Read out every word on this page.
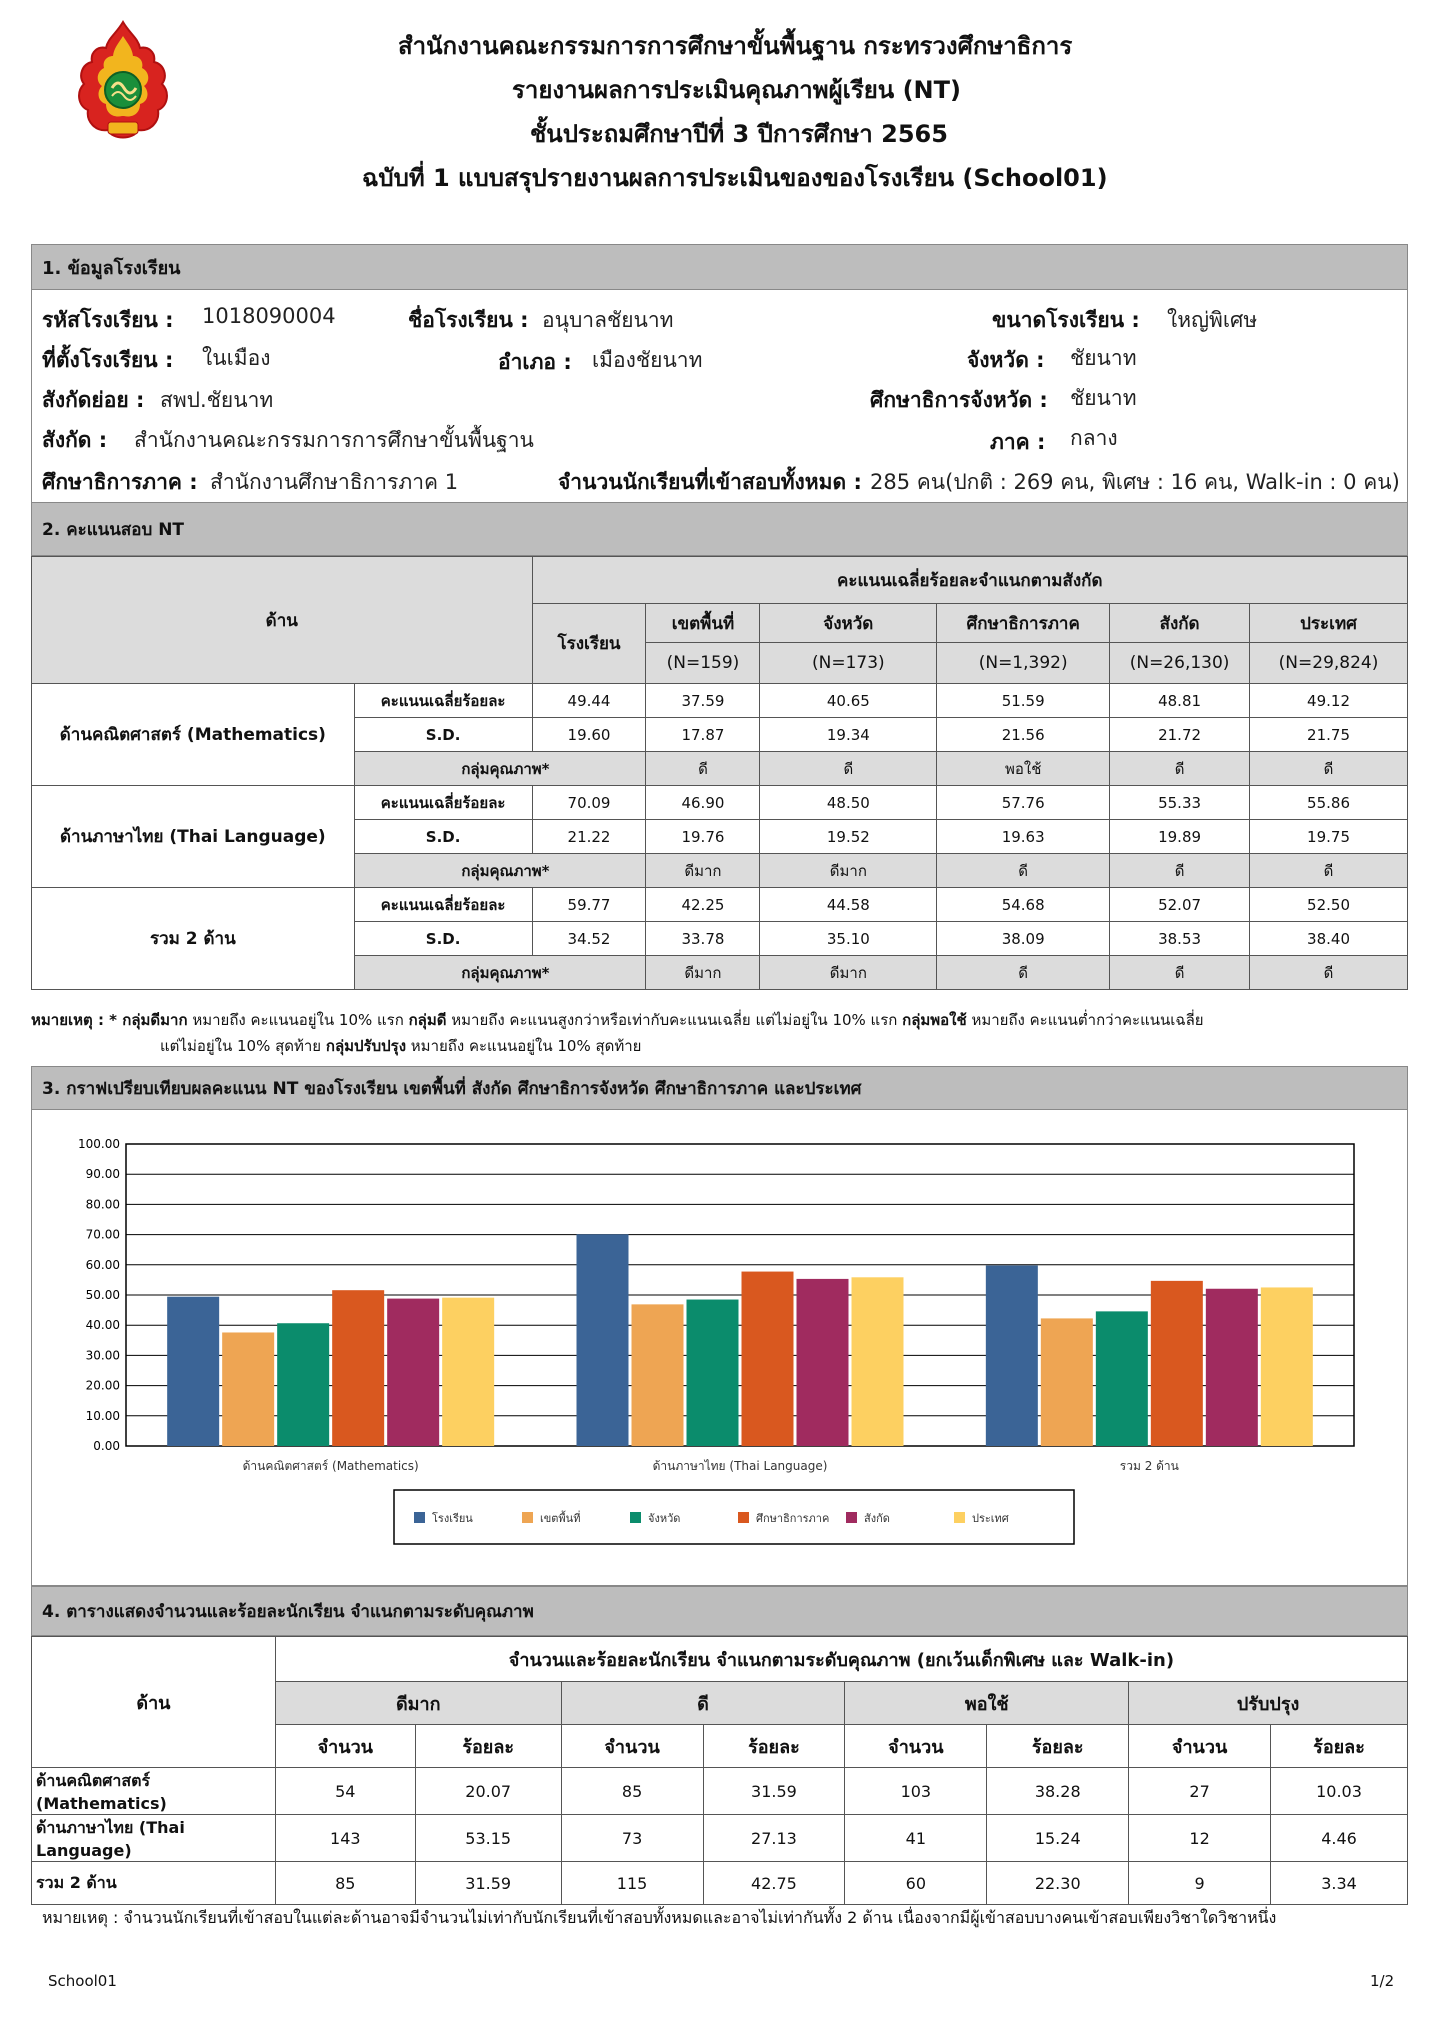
สำนักงานคณะกรรมการการศึกษาขั้นพื้นฐาน กระทรวงศึกษาธิการ
รายงานผลการประเมินคุณภาพผู้เรียน (NT)
ชั้นประถมศึกษาปีที่ 3 ปีการศึกษา 2565
ฉบับที่ 1 แบบสรุปรายงานผลการประเมินของของโรงเรียน (School01)
1. ข้อมูลโรงเรียน
รหัสโรงเรียน : 1018090004	ชื่อโรงเรียน : อนุบาลชัยนาท	ขนาดโรงเรียน : ใหญ่พิเศษ
ที่ตั้งโรงเรียน : ในเมือง	อำเภอ : เมืองชัยนาท	จังหวัด : ชัยนาท
สังกัดย่อย : สพป.ชัยนาท	ศึกษาธิการจังหวัด : ชัยนาท
สังกัด : สำนักงานคณะกรรมการการศึกษาขั้นพื้นฐาน	ภาค : กลาง
ศึกษาธิการภาค : สำนักงานศึกษาธิการภาค 1	จำนวนนักเรียนที่เข้าสอบทั้งหมด : 285 คน(ปกติ : 269 คน, พิเศษ : 16 คน, Walk-in : 0 คน)
2. คะแนนสอบ NT
ด้าน		คะแนนเฉลี่ยร้อยละจำแนกตามสังกัด					
		โรงเรียน	เขตพื้นที่	จังหวัด	ศึกษาธิการภาค	สังกัด	ประเทศ
			(N=159)	(N=173)	(N=1,392)	(N=26,130)	(N=29,824)
ด้านคณิตศาสตร์ (Mathematics)	คะแนนเฉลี่ยร้อยละ	49.44	37.59	40.65	51.59	48.81	49.12
	S.D.	19.60	17.87	19.34	21.56	21.72	21.75
	กลุ่มคุณภาพ*		ดี	ดี	พอใช้	ดี	ดี
ด้านภาษาไทย (Thai Language)	คะแนนเฉลี่ยร้อยละ	70.09	46.90	48.50	57.76	55.33	55.86
	S.D.	21.22	19.76	19.52	19.63	19.89	19.75
	กลุ่มคุณภาพ*		ดีมาก	ดีมาก	ดี	ดี	ดี
รวม 2 ด้าน	คะแนนเฉลี่ยร้อยละ	59.77	42.25	44.58	54.68	52.07	52.50
	S.D.	34.52	33.78	35.10	38.09	38.53	38.40
	กลุ่มคุณภาพ*		ดีมาก	ดีมาก	ดี	ดี	ดี
หมายเหตุ : * กลุ่มดีมาก หมายถึง คะแนนอยู่ใน 10% แรก กลุ่มดี หมายถึง คะแนนสูงกว่าหรือเท่ากับคะแนนเฉลี่ย แต่ไม่อยู่ใน 10% แรก กลุ่มพอใช้ หมายถึง คะแนนต่ำกว่าคะแนนเฉลี่ย
แต่ไม่อยู่ใน 10% สุดท้าย กลุ่มปรับปรุง หมายถึง คะแนนอยู่ใน 10% สุดท้าย
3. กราฟเปรียบเทียบผลคะแนน NT ของโรงเรียน เขตพื้นที่ สังกัด ศึกษาธิการจังหวัด ศึกษาธิการภาค และประเทศ
0.00
10.00
20.00
30.00
40.00
50.00
60.00
70.00
80.00
90.00
100.00
ด้านคณิตศาสตร์ (Mathematics)	ด้านภาษาไทย (Thai Language)	รวม 2 ด้าน
โรงเรียน	เขตพื้นที่	จังหวัด	ศึกษาธิการภาค	สังกัด	ประเทศ
4. ตารางแสดงจำนวนและร้อยละนักเรียน จำแนกตามระดับคุณภาพ
ด้าน	จำนวนและร้อยละนักเรียน จำแนกตามระดับคุณภาพ (ยกเว้นเด็กพิเศษ และ Walk-in)							
	ดีมาก		ดี		พอใช้		ปรับปรุง	
	จำนวน	ร้อยละ	จำนวน	ร้อยละ	จำนวน	ร้อยละ	จำนวน	ร้อยละ
ด้านคณิตศาสตร์ (Mathematics)	54	20.07	85	31.59	103	38.28	27	10.03
ด้านภาษาไทย (Thai Language)	143	53.15	73	27.13	41	15.24	12	4.46
รวม 2 ด้าน	85	31.59	115	42.75	60	22.30	9	3.34
หมายเหตุ : จำนวนนักเรียนที่เข้าสอบในแต่ละด้านอาจมีจำนวนไม่เท่ากับนักเรียนที่เข้าสอบทั้งหมดและอาจไม่เท่ากันทั้ง 2 ด้าน เนื่องจากมีผู้เข้าสอบบางคนเข้าสอบเพียงวิชาใดวิชาหนึ่ง
School01	1/2
